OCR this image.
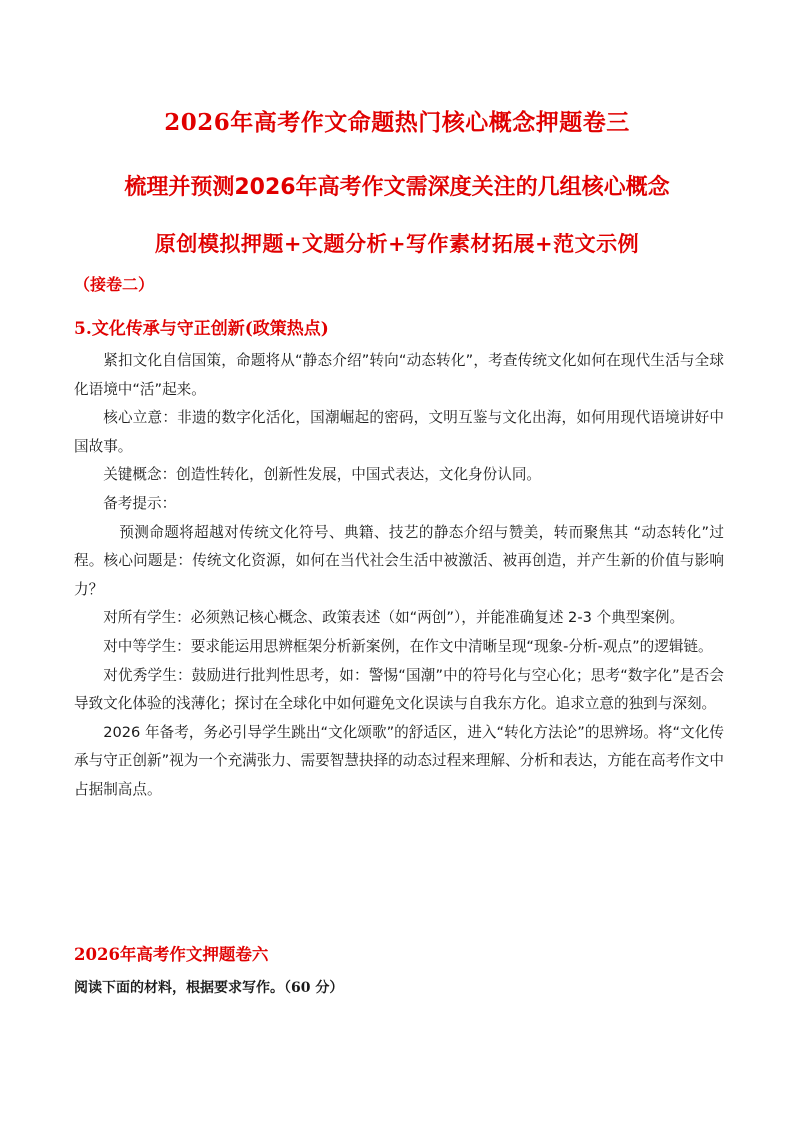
2026年高考作文命题热门核心概念押题卷三
梳理并预测2026年高考作文需深度关注的几组核心概念
原创模拟押题+文题分析+写作素材拓展+范文示例
（接卷二）
5.文化传承与守正创新(政策热点)

紧扣文化自信国策，命题将从“静态介绍”转向“动态转化”，考查传统文化如何在现代生活与全球化语境中“活”起来。

核心立意：非遗的数字化活化，国潮崛起的密码，文明互鉴与文化出海，如何用现代语境讲好中国故事。

关键概念：创造性转化，创新性发展，中国式表达，文化身份认同。

备考提示：

预测命题将超越对传统文化符号、典籍、技艺的静态介绍与赞美，转而聚焦其 “动态转化”过程。核心问题是：传统文化资源，如何在当代社会生活中被激活、被再创造，并产生新的价值与影响力？

对所有学生：必须熟记核心概念、政策表述（如“两创”），并能准确复述 2-3 个典型案例。

对中等学生：要求能运用思辨框架分析新案例，在作文中清晰呈现“现象-分析-观点”的逻辑链。

对优秀学生：鼓励进行批判性思考，如：警惕“国潮”中的符号化与空心化；思考“数字化”是否会导致文化体验的浅薄化；探讨在全球化中如何避免文化误读与自我东方化。追求立意的独到与深刻。

2026 年备考，务必引导学生跳出“文化颂歌”的舒适区，进入“转化方法论”的思辨场。将“文化传承与守正创新”视为一个充满张力、需要智慧抉择的动态过程来理解、分析和表达，方能在高考作文中占据制高点。

2026年高考作文押题卷六
阅读下面的材料，根据要求写作。（60 分）
